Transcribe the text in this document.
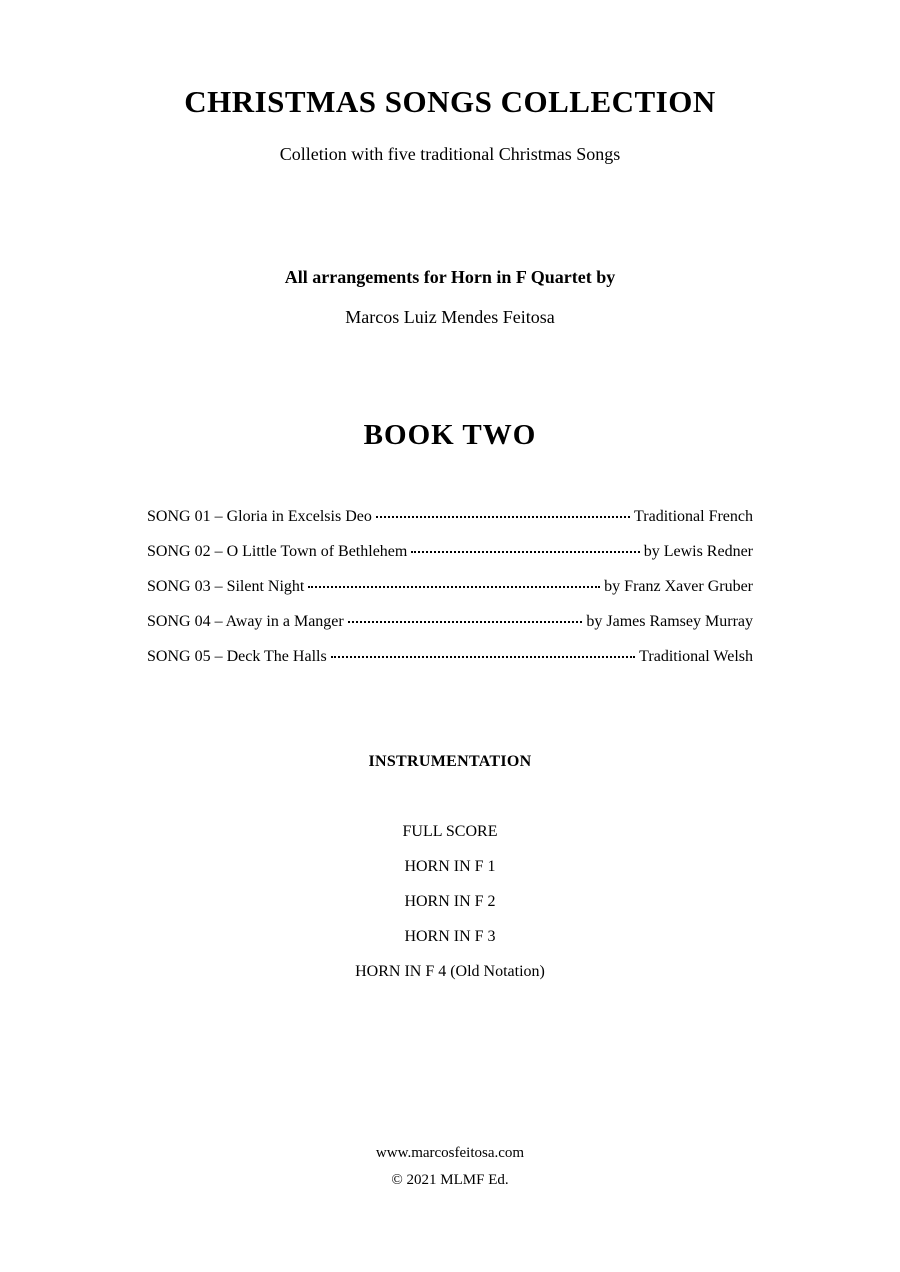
CHRISTMAS SONGS COLLECTION

Colletion with five traditional Christmas Songs

All arrangements for Horn in F Quartet by

Marcos Luiz Mendes Feitosa

BOOK TWO
SONG 01 – Gloria in Excelsis Deo	Traditional French
SONG 02 – O Little Town of Bethlehem	by Lewis Redner
SONG 03 – Silent Night	by Franz Xaver Gruber
SONG 04 – Away in a Manger	by James Ramsey Murray
SONG 05 – Deck The Halls	Traditional Welsh

INSTRUMENTATION

FULL SCORE
HORN IN F 1
HORN IN F 2
HORN IN F 3
HORN IN F 4 (Old Notation)

www.marcosfeitosa.com

© 2021 MLMF Ed.
